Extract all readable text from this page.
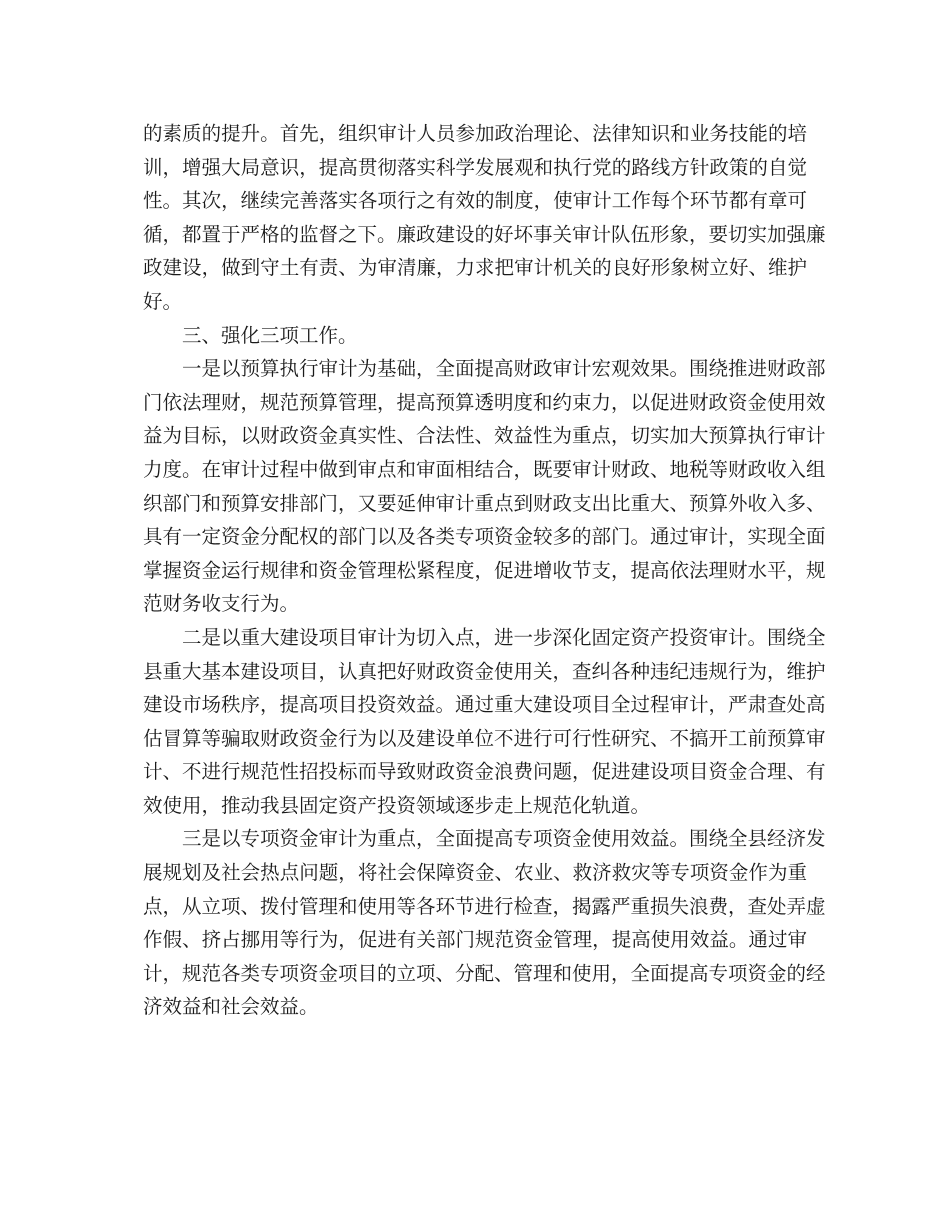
的素质的提升。首先，组织审计人员参加政治理论、法律知识和业务技能的培
训，增强大局意识，提高贯彻落实科学发展观和执行党的路线方针政策的自觉
性。其次，继续完善落实各项行之有效的制度，使审计工作每个环节都有章可
循，都置于严格的监督之下。廉政建设的好坏事关审计队伍形象，要切实加强廉
政建设，做到守土有责、为审清廉，力求把审计机关的良好形象树立好、维护
好。
三、强化三项工作。
一是以预算执行审计为基础，全面提高财政审计宏观效果。围绕推进财政部
门依法理财，规范预算管理，提高预算透明度和约束力，以促进财政资金使用效
益为目标，以财政资金真实性、合法性、效益性为重点，切实加大预算执行审计
力度。在审计过程中做到审点和审面相结合，既要审计财政、地税等财政收入组
织部门和预算安排部门，又要延伸审计重点到财政支出比重大、预算外收入多、
具有一定资金分配权的部门以及各类专项资金较多的部门。通过审计，实现全面
掌握资金运行规律和资金管理松紧程度，促进增收节支，提高依法理财水平，规
范财务收支行为。
二是以重大建设项目审计为切入点，进一步深化固定资产投资审计。围绕全
县重大基本建设项目，认真把好财政资金使用关，查纠各种违纪违规行为，维护
建设市场秩序，提高项目投资效益。通过重大建设项目全过程审计，严肃查处高
估冒算等骗取财政资金行为以及建设单位不进行可行性研究、不搞开工前预算审
计、不进行规范性招投标而导致财政资金浪费问题，促进建设项目资金合理、有
效使用，推动我县固定资产投资领域逐步走上规范化轨道。
三是以专项资金审计为重点，全面提高专项资金使用效益。围绕全县经济发
展规划及社会热点问题，将社会保障资金、农业、救济救灾等专项资金作为重
点，从立项、拨付管理和使用等各环节进行检查，揭露严重损失浪费，查处弄虚
作假、挤占挪用等行为，促进有关部门规范资金管理，提高使用效益。通过审
计，规范各类专项资金项目的立项、分配、管理和使用，全面提高专项资金的经
济效益和社会效益。
